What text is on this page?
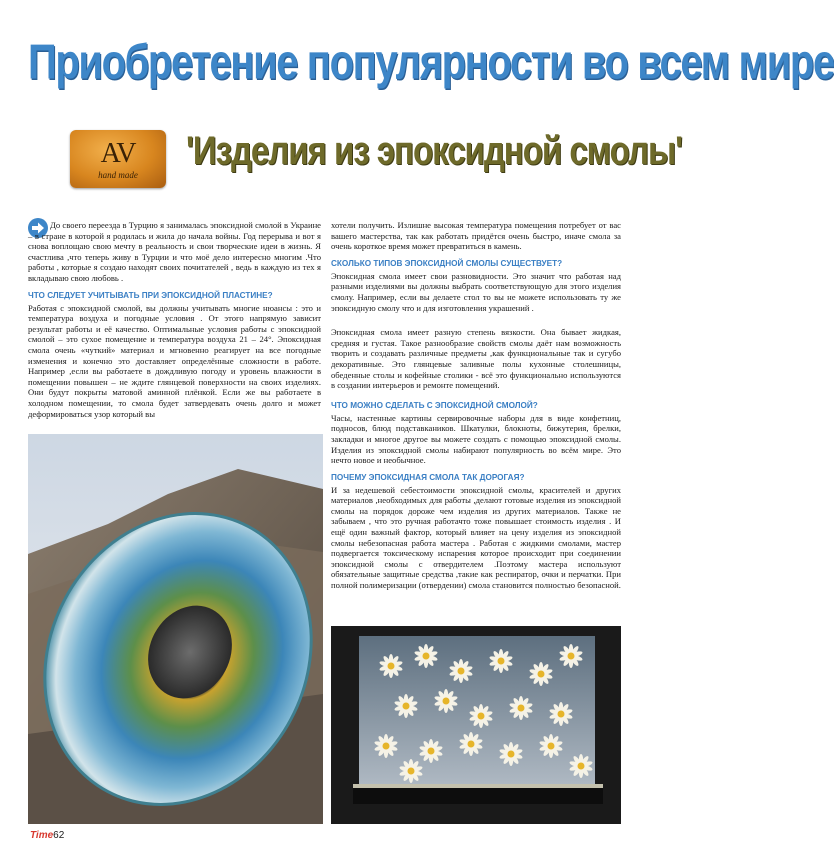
Приобретение популярности во всем мире
AV
hand made
'Изделия из эпоксидной смолы'

До своего переезда в Турцию я занималась эпоксидной смолой в Украине – в стране в которой я родилась и жила до начала войны. Год перерыва и вот я снова воплощаю свою мечту в реальность и свои творческие идеи в жизнь. Я счастлива ,что теперь живу в Турции и что моё дело интересно многим .Что работы , которые я создаю находят своих почитателей , ведь в каждую из тех я вкладываю свою любовь .

ЧТО СЛЕДУЕТ УЧИТЫВАТЬ ПРИ ЭПОКСИДНОЙ ПЛАСТИНЕ?

Работая с эпоксидной смолой, вы должны учитывать многие нюансы : это и температура воздуха и погодные условия . От этого напрямую зависит результат работы и её качество. Оптимальные условия работы с эпоксидной смолой – это сухое помещение и температура воздуха 21 – 24°. Эпоксидная смола очень «чуткий» материал и мгновенно реагирует на все погодные изменения и конечно это доставляет определённые сложности в работе. Например ,если вы работаете в дождливую погоду и уровень влажности в помещении повышен – не ждите глянцевой поверхности на своих изделиях. Они будут покрыты матовой аминной плёнкой. Если же вы работаете в холодном помещении, то смола будет затвердевать очень долго и может деформироваться узор который вы

хотели получить. Излишне высокая температура помещения потребует от вас вашего мастерства, так как работать придётся очень быстро, иначе смола за очень короткое время может превратиться в камень.

СКОЛЬКО ТИПОВ ЭПОКСИДНОЙ СМОЛЫ СУЩЕСТВУЕТ?

Эпоксидная смола имеет свои разновидности. Это значит что работая над разными изделиями вы должны выбрать соответствующую для этого изделия смолу. Например, если вы делаете стол то вы не можете использовать ту же эпоксидную смолу что и для изготовления украшений .

Эпоксидная смола имеет разную степень вязкости. Она бывает жидкая, средняя и густая. Такое разнообразие свойств смолы даёт нам возможность творить и создавать различные предметы ,как функциональные так и сугубо декоративные. Это глянцевые заливные полы кухонные столешницы, обеденные столы и кофейные столики - всё это функционально используются в создании интерьеров и ремонте помещений.

ЧТО МОЖНО СДЕЛАТЬ С ЭПОКСИДНОЙ СМОЛОЙ?

Часы, настенные картины сервировочные наборы для в виде конфетниц, подносов, блюд подставкаников. Шкатулки, блокноты, бижутерия, брелки, закладки и многое другое вы можете создать с помощью эпоксидной смолы. Изделия из эпоксидной смолы набирают популярность во всём мире. Это нечто новое и необычное.

ПОЧЕМУ ЭПОКСИДНАЯ СМОЛА ТАК ДОРОГАЯ?

И за недешевой себестоимости эпоксидной смолы, красителей и других материалов ,необходимых для работы ,делают готовые изделия из эпоксидной смолы на порядок дороже чем изделия из других материалов. Также не забываем , что это ручная работачто тоже повышает стоимость изделия . И ещё один важный фактор, который влияет на цену изделия из эпоксидной смолы небезопасная работа мастера . Работая с жидкими смолами, мастер подвергается токсическому испарения которое происходит при соединении эпоксидной смолы с отвердителем .Поэтому мастера используют обязательные защитные средства ,такие как респиратор, очки и перчатки. При полной полимеризации (отвердении) смола становится полностью безопасной.

Time62
